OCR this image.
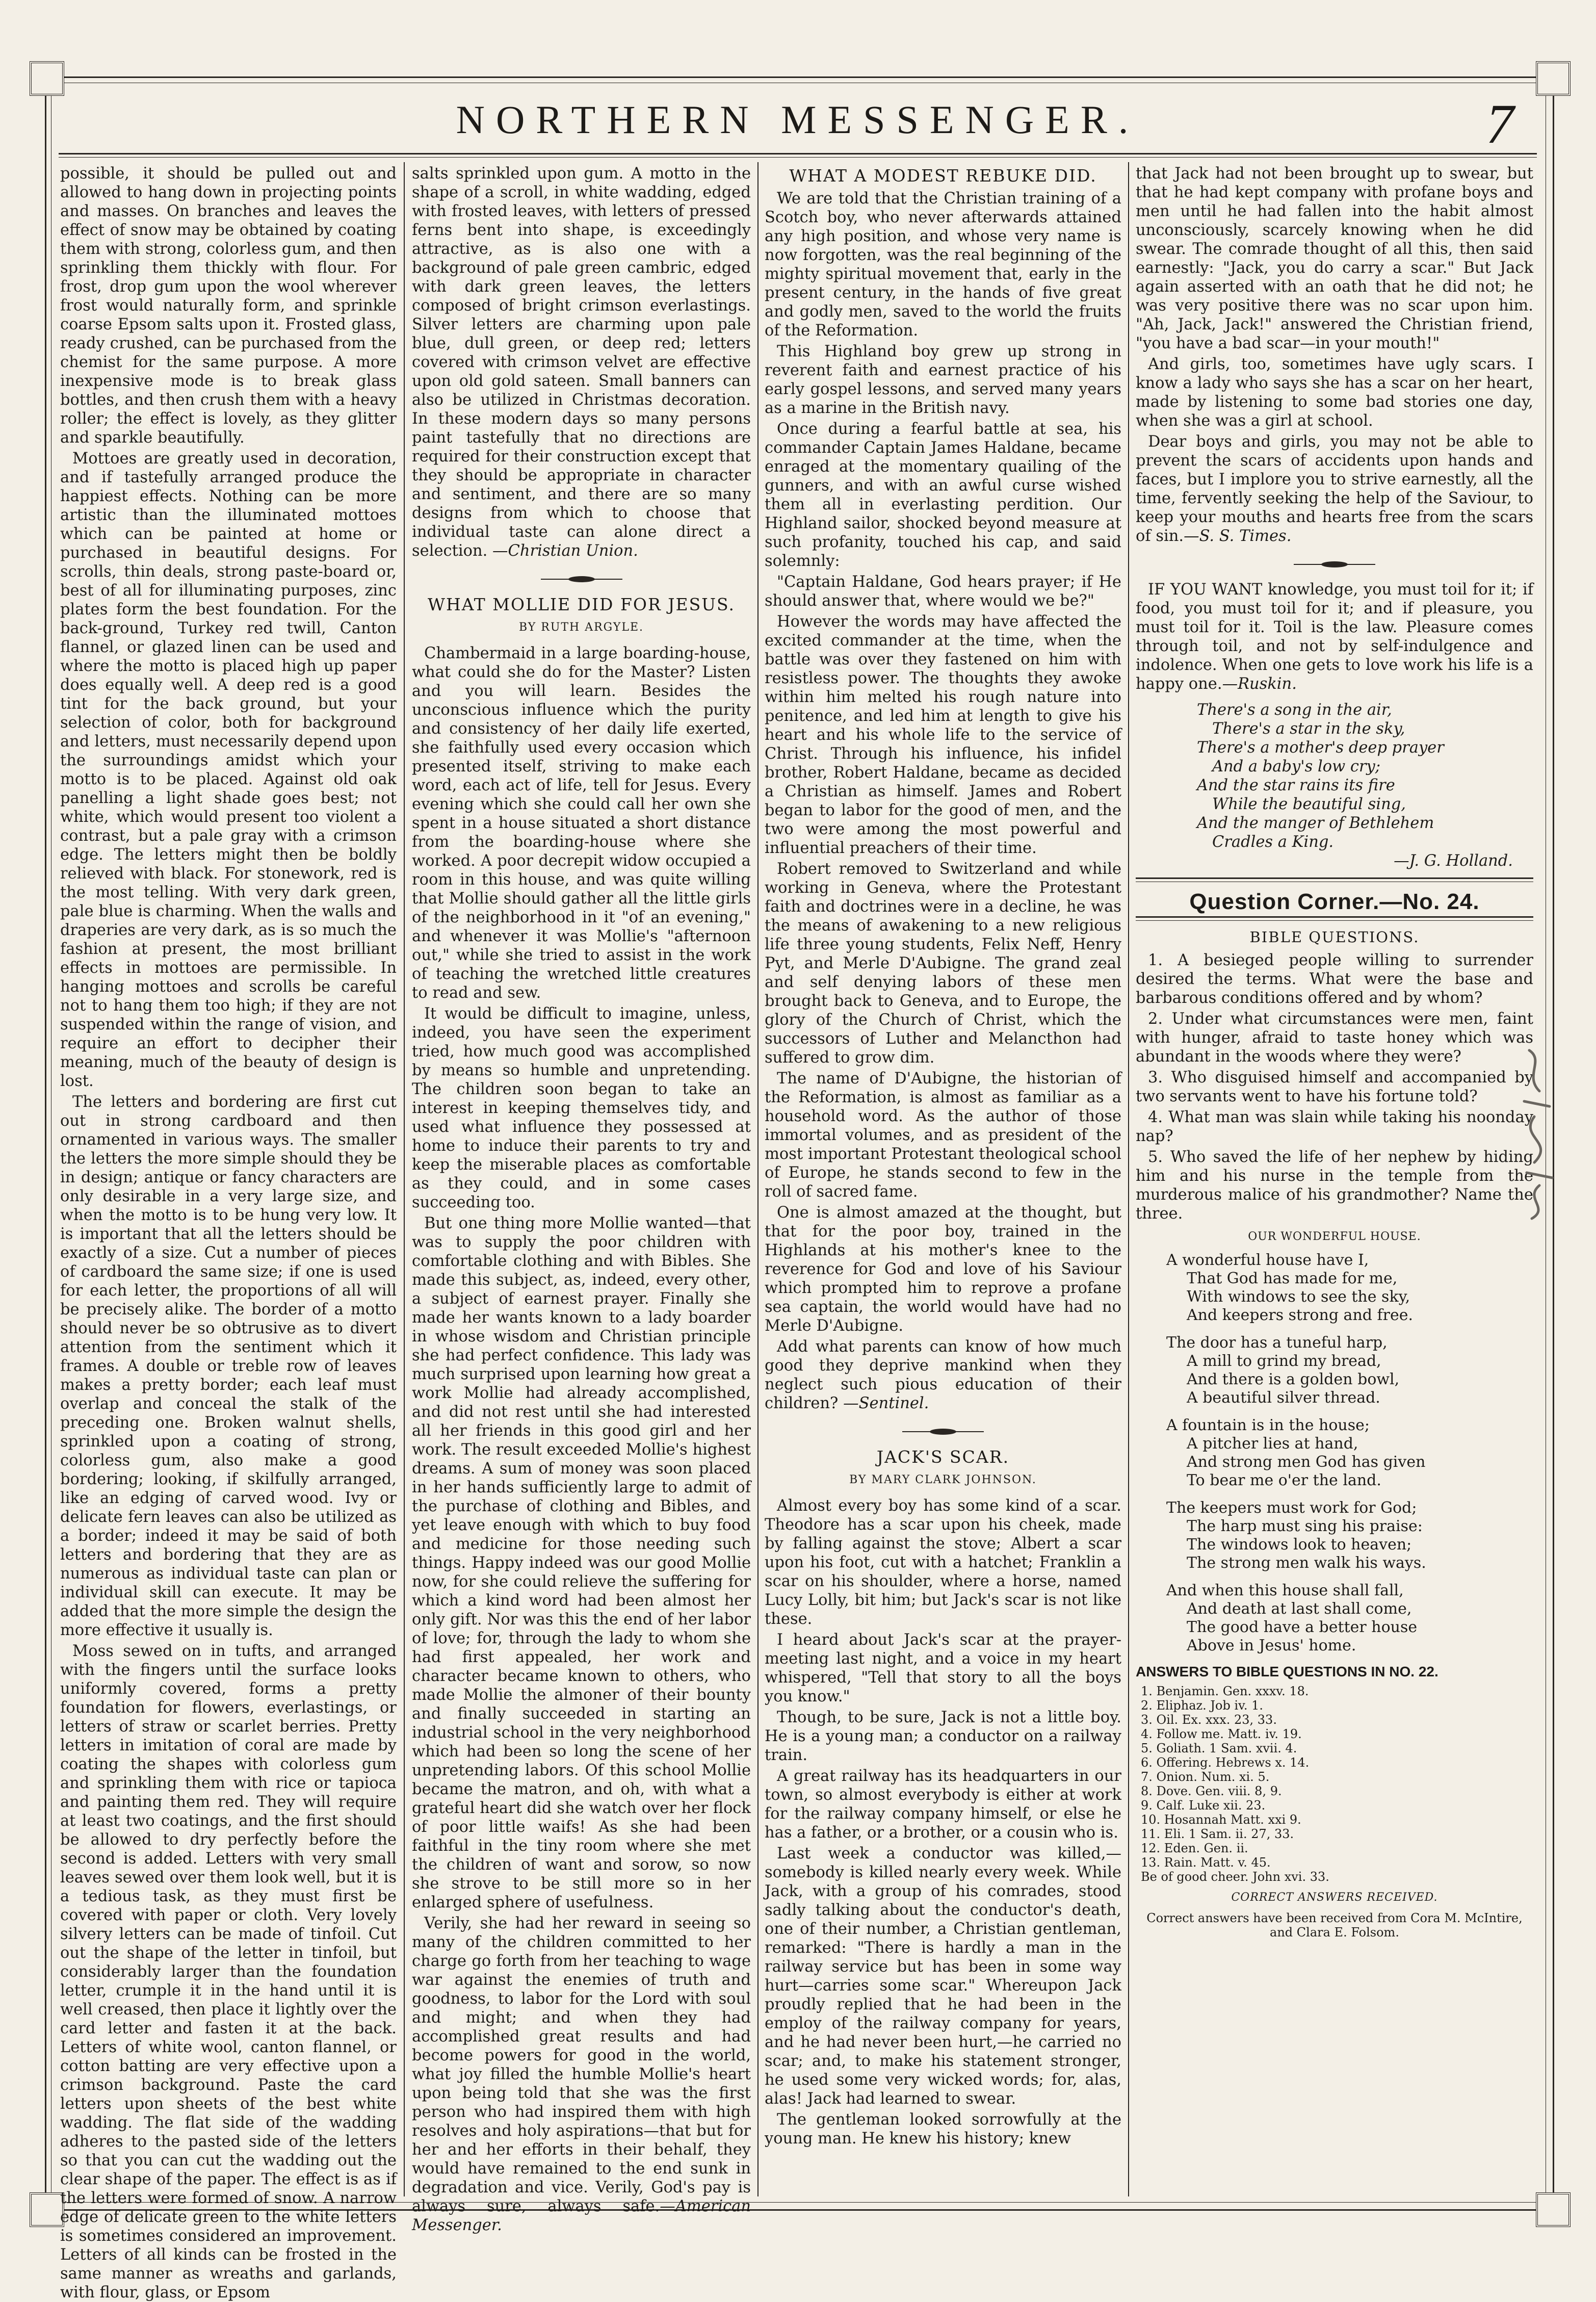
NORTHERN MESSENGER.	7

possible, it should be pulled out and allowed to hang down in projecting points and masses. On branches and leaves the effect of snow may be obtained by coating them with strong, colorless gum, and then sprinkling them thickly with flour. For frost, drop gum upon the wool wherever frost would naturally form, and sprinkle coarse Epsom salts upon it. Frosted glass, ready crushed, can be purchased from the chemist for the same purpose. A more inexpensive mode is to break glass bottles, and then crush them with a heavy roller; the effect is lovely, as they glitter and sparkle beautifully.

Mottoes are greatly used in decoration, and if tastefully arranged produce the happiest effects. Nothing can be more artistic than the illuminated mottoes which can be painted at home or purchased in beautiful designs. For scrolls, thin deals, strong paste-board or, best of all for illuminating purposes, zinc plates form the best foundation. For the back-ground, Turkey red twill, Canton flannel, or glazed linen can be used and where the motto is placed high up paper does equally well. A deep red is a good tint for the back ground, but your selection of color, both for background and letters, must necessarily depend upon the surroundings amidst which your motto is to be placed. Against old oak panelling a light shade goes best; not white, which would present too violent a contrast, but a pale gray with a crimson edge. The letters might then be boldly relieved with black. For stonework, red is the most telling. With very dark green, pale blue is charming. When the walls and draperies are very dark, as is so much the fashion at present, the most brilliant effects in mottoes are permissible. In hanging mottoes and scrolls be careful not to hang them too high; if they are not suspended within the range of vision, and require an effort to decipher their meaning, much of the beauty of design is lost.

The letters and bordering are first cut out in strong cardboard and then ornamented in various ways. The smaller the letters the more simple should they be in design; antique or fancy characters are only desirable in a very large size, and when the motto is to be hung very low. It is important that all the letters should be exactly of a size. Cut a number of pieces of cardboard the same size; if one is used for each letter, the proportions of all will be precisely alike. The border of a motto should never be so obtrusive as to divert attention from the sentiment which it frames. A double or treble row of leaves makes a pretty border; each leaf must overlap and conceal the stalk of the preceding one. Broken walnut shells, sprinkled upon a coating of strong, colorless gum, also make a good bordering; looking, if skilfully arranged, like an edging of carved wood. Ivy or delicate fern leaves can also be utilized as a border; indeed it may be said of both letters and bordering that they are as numerous as individual taste can plan or individual skill can execute. It may be added that the more simple the design the more effective it usually is.

Moss sewed on in tufts, and arranged with the fingers until the surface looks uniformly covered, forms a pretty foundation for flowers, everlastings, or letters of straw or scarlet berries. Pretty letters in imitation of coral are made by coating the shapes with colorless gum and sprinkling them with rice or tapioca and painting them red. They will require at least two coatings, and the first should be allowed to dry perfectly before the second is added. Letters with very small leaves sewed over them look well, but it is a tedious task, as they must first be covered with paper or cloth. Very lovely silvery letters can be made of tinfoil. Cut out the shape of the letter in tinfoil, but considerably larger than the foundation letter, crumple it in the hand until it is well creased, then place it lightly over the card letter and fasten it at the back. Letters of white wool, canton flannel, or cotton batting are very effective upon a crimson background. Paste the card letters upon sheets of the best white wadding. The flat side of the wadding adheres to the pasted side of the letters so that you can cut the wadding out the clear shape of the paper. The effect is as if the letters were formed of snow. A narrow edge of delicate green to the white letters is sometimes considered an improvement. Letters of all kinds can be frosted in the same manner as wreaths and garlands, with flour, glass, or Epsom

salts sprinkled upon gum. A motto in the shape of a scroll, in white wadding, edged with frosted leaves, with letters of pressed ferns bent into shape, is exceedingly attractive, as is also one with a background of pale green cambric, edged with dark green leaves, the letters composed of bright crimson everlastings. Silver letters are charming upon pale blue, dull green, or deep red; letters covered with crimson velvet are effective upon old gold sateen. Small banners can also be utilized in Christmas decoration. In these modern days so many persons paint tastefully that no directions are required for their construction except that they should be appropriate in character and sentiment, and there are so many designs from which to choose that individual taste can alone direct a selection. —Christian Union.

WHAT MOLLIE DID FOR JESUS.
BY RUTH ARGYLE.

Chambermaid in a large boarding-house, what could she do for the Master? Listen and you will learn. Besides the unconscious influence which the purity and consistency of her daily life exerted, she faithfully used every occasion which presented itself, striving to make each word, each act of life, tell for Jesus. Every evening which she could call her own she spent in a house situated a short distance from the boarding-house where she worked. A poor decrepit widow occupied a room in this house, and was quite willing that Mollie should gather all the little girls of the neighborhood in it "of an evening," and whenever it was Mollie's "afternoon out," while she tried to assist in the work of teaching the wretched little creatures to read and sew.

It would be difficult to imagine, unless, indeed, you have seen the experiment tried, how much good was accomplished by means so humble and unpretending. The children soon began to take an interest in keeping themselves tidy, and used what influence they possessed at home to induce their parents to try and keep the miserable places as comfortable as they could, and in some cases succeeding too.

But one thing more Mollie wanted—that was to supply the poor children with comfortable clothing and with Bibles. She made this subject, as, indeed, every other, a subject of earnest prayer. Finally she made her wants known to a lady boarder in whose wisdom and Christian principle she had perfect confidence. This lady was much surprised upon learning how great a work Mollie had already accomplished, and did not rest until she had interested all her friends in this good girl and her work. The result exceeded Mollie's highest dreams. A sum of money was soon placed in her hands sufficiently large to admit of the purchase of clothing and Bibles, and yet leave enough with which to buy food and medicine for those needing such things. Happy indeed was our good Mollie now, for she could relieve the suffering for which a kind word had been almost her only gift. Nor was this the end of her labor of love; for, through the lady to whom she had first appealed, her work and character became known to others, who made Mollie the almoner of their bounty and finally succeeded in starting an industrial school in the very neighborhood which had been so long the scene of her unpretending labors. Of this school Mollie became the matron, and oh, with what a grateful heart did she watch over her flock of poor little waifs! As she had been faithful in the tiny room where she met the children of want and sorow, so now she strove to be still more so in her enlarged sphere of usefulness.

Verily, she had her reward in seeing so many of the children committed to her charge go forth from her teaching to wage war against the enemies of truth and goodness, to labor for the Lord with soul and might; and when they had accomplished great results and had become powers for good in the world, what joy filled the humble Mollie's heart upon being told that she was the first person who had inspired them with high resolves and holy aspirations—that but for her and her efforts in their behalf, they would have remained to the end sunk in degradation and vice. Verily, God's pay is always sure, always safe.—American Messenger.

WHAT A MODEST REBUKE DID.

We are told that the Christian training of a Scotch boy, who never afterwards attained any high position, and whose very name is now forgotten, was the real beginning of the mighty spiritual movement that, early in the present century, in the hands of five great and godly men, saved to the world the fruits of the Reformation.

This Highland boy grew up strong in reverent faith and earnest practice of his early gospel lessons, and served many years as a marine in the British navy.

Once during a fearful battle at sea, his commander Captain James Haldane, became enraged at the momentary quailing of the gunners, and with an awful curse wished them all in everlasting perdition. Our Highland sailor, shocked beyond measure at such profanity, touched his cap, and said solemnly:

"Captain Haldane, God hears prayer; if He should answer that, where would we be?"

However the words may have affected the excited commander at the time, when the battle was over they fastened on him with resistless power. The thoughts they awoke within him melted his rough nature into penitence, and led him at length to give his heart and his whole life to the service of Christ. Through his influence, his infidel brother, Robert Haldane, became as decided a Christian as himself. James and Robert began to labor for the good of men, and the two were among the most powerful and influential preachers of their time.

Robert removed to Switzerland and while working in Geneva, where the Protestant faith and doctrines were in a decline, he was the means of awakening to a new religious life three young students, Felix Neff, Henry Pyt, and Merle D'Aubigne. The grand zeal and self denying labors of these men brought back to Geneva, and to Europe, the glory of the Church of Christ, which the successors of Luther and Melancthon had suffered to grow dim.

The name of D'Aubigne, the historian of the Reformation, is almost as familiar as a household word. As the author of those immortal volumes, and as president of the most important Protestant theological school of Europe, he stands second to few in the roll of sacred fame.

One is almost amazed at the thought, but that for the poor boy, trained in the Highlands at his mother's knee to the reverence for God and love of his Saviour which prompted him to reprove a profane sea captain, the world would have had no Merle D'Aubigne.

Add what parents can know of how much good they deprive mankind when they neglect such pious education of their children? —Sentinel.

JACK'S SCAR.
BY MARY CLARK JOHNSON.

Almost every boy has some kind of a scar. Theodore has a scar upon his cheek, made by falling against the stove; Albert a scar upon his foot, cut with a hatchet; Franklin a scar on his shoulder, where a horse, named Lucy Lolly, bit him; but Jack's scar is not like these.

I heard about Jack's scar at the prayer-meeting last night, and a voice in my heart whispered, "Tell that story to all the boys you know."

Though, to be sure, Jack is not a little boy. He is a young man; a conductor on a railway train.

A great railway has its headquarters in our town, so almost everybody is either at work for the railway company himself, or else he has a father, or a brother, or a cousin who is.

Last week a conductor was killed,—somebody is killed nearly every week. While Jack, with a group of his comrades, stood sadly talking about the conductor's death, one of their number, a Christian gentleman, remarked: "There is hardly a man in the railway service but has been in some way hurt—carries some scar." Whereupon Jack proudly replied that he had been in the employ of the railway company for years, and he had never been hurt,—he carried no scar; and, to make his statement stronger, he used some very wicked words; for, alas, alas! Jack had learned to swear.

The gentleman looked sorrowfully at the young man. He knew his history; knew

that Jack had not been brought up to swear, but that he had kept company with profane boys and men until he had fallen into the habit almost unconsciously, scarcely knowing when he did swear. The comrade thought of all this, then said earnestly: "Jack, you do carry a scar." But Jack again asserted with an oath that he did not; he was very positive there was no scar upon him. "Ah, Jack, Jack!" answered the Christian friend, "you have a bad scar—in your mouth!"

And girls, too, sometimes have ugly scars. I know a lady who says she has a scar on her heart, made by listening to some bad stories one day, when she was a girl at school.

Dear boys and girls, you may not be able to prevent the scars of accidents upon hands and faces, but I implore you to strive earnestly, all the time, fervently seeking the help of the Saviour, to keep your mouths and hearts free from the scars of sin.—S. S. Times.

IF YOU WANT knowledge, you must toil for it; if food, you must toil for it; and if pleasure, you must toil for it. Toil is the law. Pleasure comes through toil, and not by self-indulgence and indolence. When one gets to love work his life is a happy one.—Ruskin.

There's a song in the air,
There's a star in the sky,
There's a mother's deep prayer
And a baby's low cry;
And the star rains its fire
While the beautiful sing,
And the manger of Bethlehem
Cradles a King.
—J. G. Holland.
Question Corner.—No. 24.
BIBLE QUESTIONS.

1. A besieged people willing to surrender desired the terms. What were the base and barbarous conditions offered and by whom?

2. Under what circumstances were men, faint with hunger, afraid to taste honey which was abundant in the woods where they were?

3. Who disguised himself and accompanied by two servants went to have his fortune told?

4. What man was slain while taking his noonday nap?

5. Who saved the life of her nephew by hiding him and his nurse in the temple from the murderous malice of his grandmother? Name the three.

OUR WONDERFUL HOUSE.
A wonderful house have I,
That God has made for me,
With windows to see the sky,
And keepers strong and free.
The door has a tuneful harp,
A mill to grind my bread,
And there is a golden bowl,
A beautiful silver thread.
A fountain is in the house;
A pitcher lies at hand,
And strong men God has given
To bear me o'er the land.
The keepers must work for God;
The harp must sing his praise:
The windows look to heaven;
The strong men walk his ways.
And when this house shall fall,
And death at last shall come,
The good have a better house
Above in Jesus' home.
ANSWERS TO BIBLE QUESTIONS IN NO. 22.
1. Benjamin. Gen. xxxv. 18.
2. Eliphaz. Job iv. 1.
3. Oil. Ex. xxx. 23, 33.
4. Follow me. Matt. iv. 19.
5. Goliath. 1 Sam. xvii. 4.
6. Offering. Hebrews x. 14.
7. Onion. Num. xi. 5.
8. Dove. Gen. viii. 8, 9.
9. Calf. Luke xii. 23.
10. Hosannah Matt. xxi 9.
11. Eli. 1 Sam. ii. 27, 33.
12. Eden. Gen. ii.
13. Rain. Matt. v. 45.
Be of good cheer. John xvi. 33.
CORRECT ANSWERS RECEIVED.
Correct answers have been received from Cora M. McIntire, and Clara E. Folsom.
